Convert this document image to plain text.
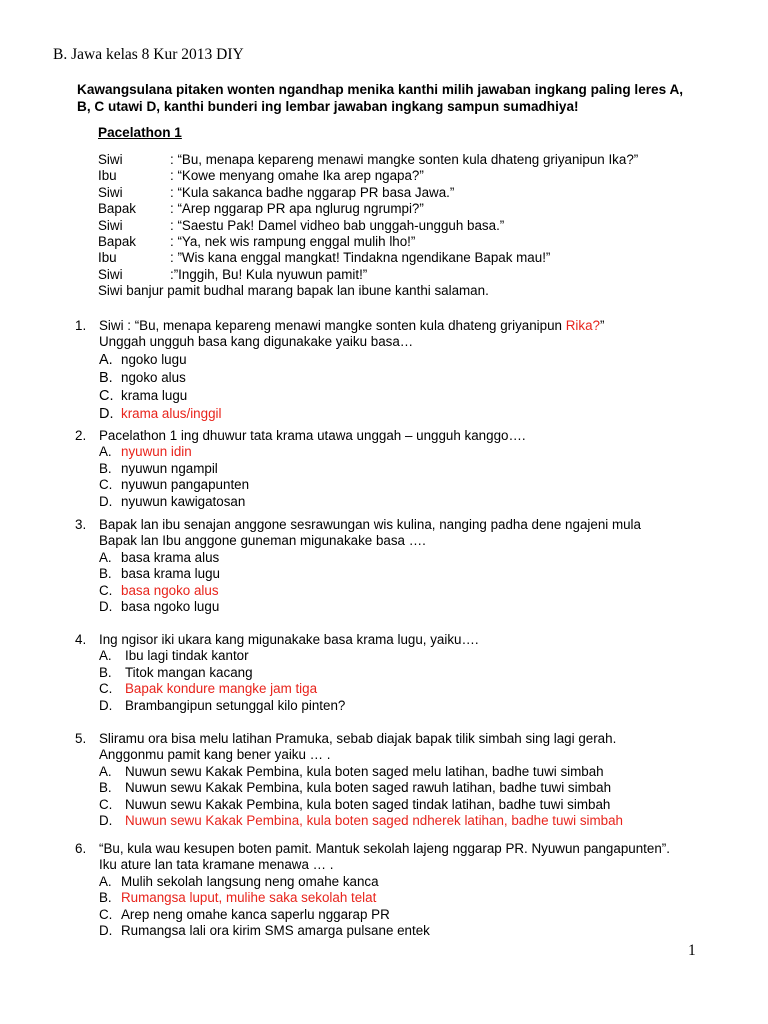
B. Jawa kelas 8 Kur 2013 DIY
Kawangsulana pitaken wonten ngandhap menika kanthi milih jawaban ingkang paling leres A,
B, C utawi D, kanthi bunderi ing lembar jawaban ingkang sampun sumadhiya!
Pacelathon 1
Siwi	: “Bu, menapa kepareng menawi mangke sonten kula dhateng griyanipun Ika?”
Ibu	: “Kowe menyang omahe Ika arep ngapa?”
Siwi	: “Kula sakanca badhe nggarap PR basa Jawa.”
Bapak	: “Arep nggarap PR apa nglurug ngrumpi?”
Siwi	: “Saestu Pak! Damel vidheo bab unggah-ungguh basa.”
Bapak	: “Ya, nek wis rampung enggal mulih lho!”
Ibu	: ”Wis kana enggal mangkat! Tindakna ngendikane Bapak mau!”
Siwi	:”Inggih, Bu! Kula nyuwun pamit!”
Siwi banjur pamit budhal marang bapak lan ibune kanthi salaman.
1. Siwi : “Bu, menapa kepareng menawi mangke sonten kula dhateng griyanipun Rika?”
Unggah ungguh basa kang digunakake yaiku basa…
A. ngoko lugu
B. ngoko alus
C. krama lugu
D. krama alus/inggil
2. Pacelathon 1 ing dhuwur tata krama utawa unggah – ungguh kanggo….
A. nyuwun idin
B. nyuwun ngampil
C. nyuwun pangapunten
D. nyuwun kawigatosan
3. Bapak lan ibu senajan anggone sesrawungan wis kulina, nanging padha dene ngajeni mula
Bapak lan Ibu anggone guneman migunakake basa ….
A. basa krama alus
B. basa krama lugu
C. basa ngoko alus
D. basa ngoko lugu
4. Ing ngisor iki ukara kang migunakake basa krama lugu, yaiku….
A. Ibu lagi tindak kantor
B. Titok mangan kacang
C. Bapak kondure mangke jam tiga
D. Brambangipun setunggal kilo pinten?
5. Sliramu ora bisa melu latihan Pramuka, sebab diajak bapak tilik simbah sing lagi gerah.
Anggonmu pamit kang bener yaiku … .
A. Nuwun sewu Kakak Pembina, kula boten saged melu latihan, badhe tuwi simbah
B. Nuwun sewu Kakak Pembina, kula boten saged rawuh latihan, badhe tuwi simbah
C. Nuwun sewu Kakak Pembina, kula boten saged tindak latihan, badhe tuwi simbah
D. Nuwun sewu Kakak Pembina, kula boten saged ndherek latihan, badhe tuwi simbah
6. “Bu, kula wau kesupen boten pamit. Mantuk sekolah lajeng nggarap PR. Nyuwun pangapunten”.
Iku ature lan tata kramane menawa … .
A. Mulih sekolah langsung neng omahe kanca
B. Rumangsa luput, mulihe saka sekolah telat
C. Arep neng omahe kanca saperlu nggarap PR
D. Rumangsa lali ora kirim SMS amarga pulsane entek
1
